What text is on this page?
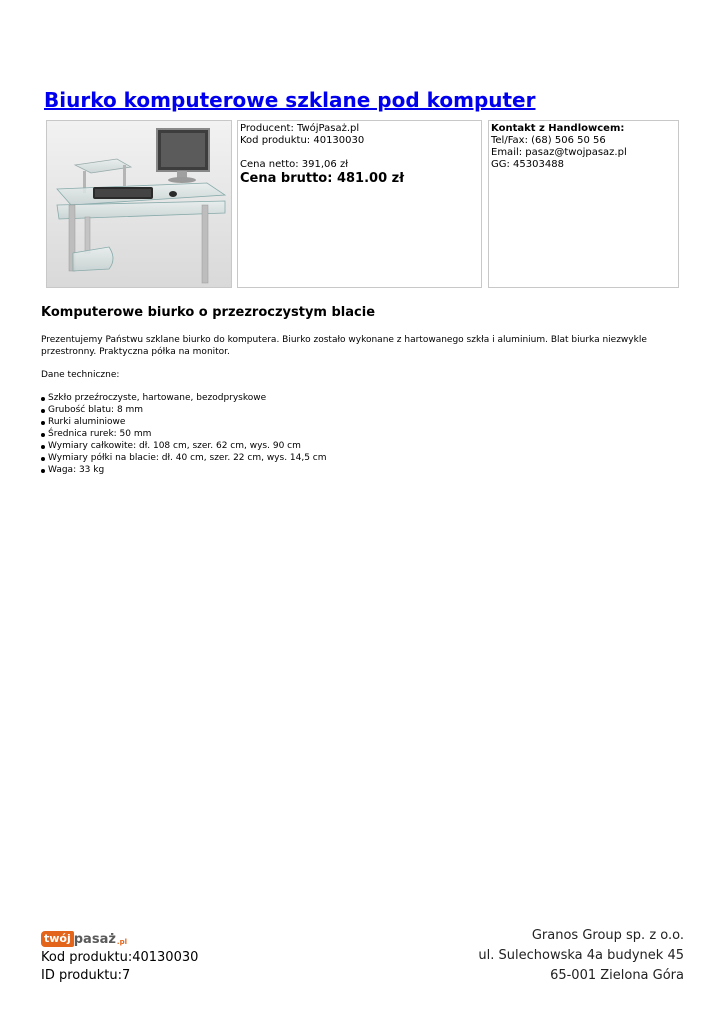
Biurko komputerowe szklane pod komputer
Producent: TwójPasaż.pl
Kod produktu: 40130030
Cena netto: 391,06 zł
Cena brutto: 481.00 zł
Kontakt z Handlowcem:
Tel/Fax: (68) 506 50 56
Email: pasaz@twojpasaz.pl
GG: 45303488
Komputerowe biurko o przezroczystym blacie

Prezentujemy Państwu szklane biurko do komputera. Biurko zostało wykonane z hartowanego szkła i aluminium. Blat biurka niezwykle przestronny. Praktyczna półka na monitor.

Dane techniczne:

Szkło przeźroczyste, hartowane, bezodpryskowe
Grubość blatu: 8 mm
Rurki aluminiowe
Średnica rurek: 50 mm
Wymiary całkowite: dł. 108 cm, szer. 62 cm, wys. 90 cm
Wymiary półki na blacie: dł. 40 cm, szer. 22 cm, wys. 14,5 cm
Waga: 33 kg
twój pasaż .pl
Kod produktu:40130030
ID produktu:7
Granos Group sp. z o.o.
ul. Sulechowska 4a budynek 45
65-001 Zielona Góra
